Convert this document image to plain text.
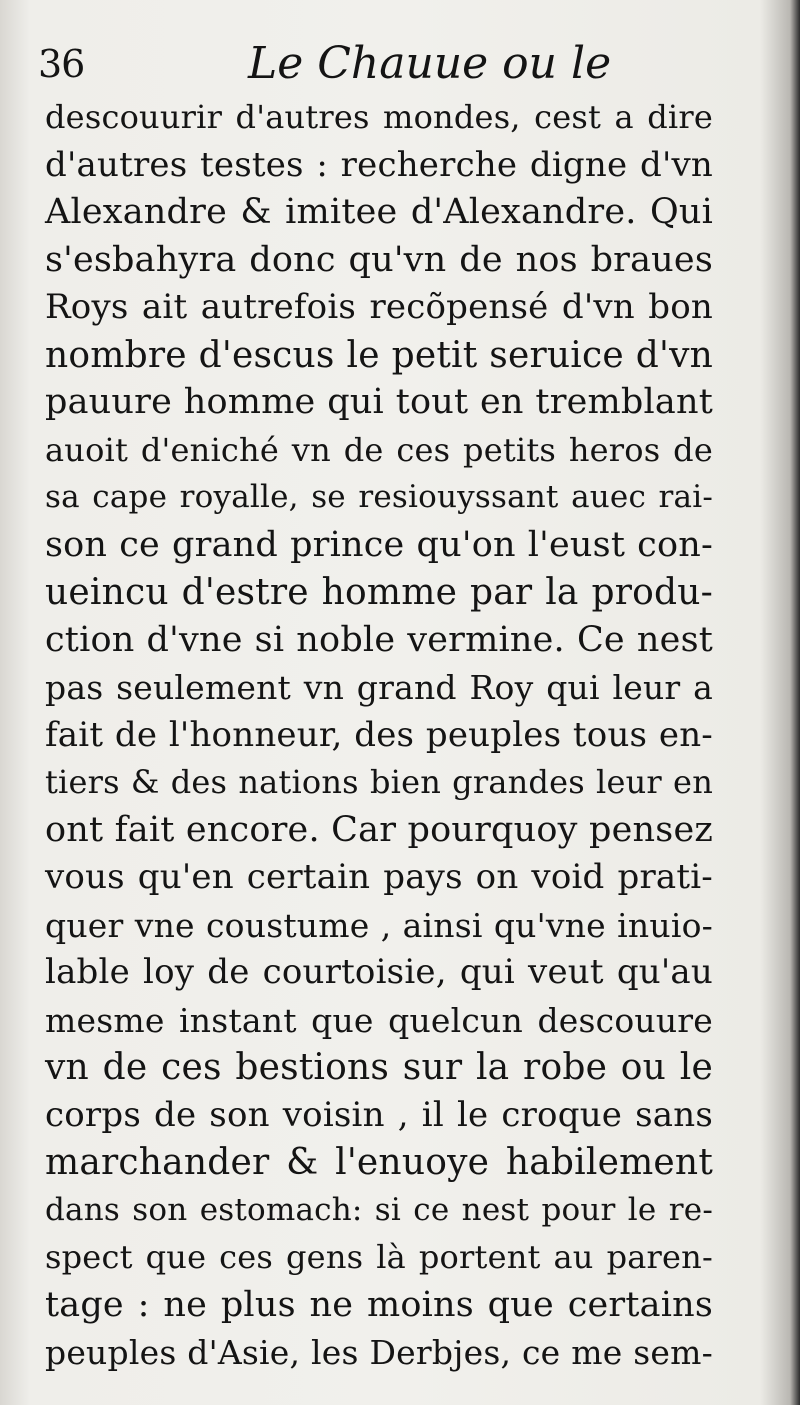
36	Le Chauue ou le
descouurir d'autres mondes, cest a dire
d'autres testes : recherche digne d'vn
Alexandre & imitee d'Alexandre. Qui
s'esbahyra donc qu'vn de nos braues
Roys ait autrefois recõpensé d'vn bon
nombre d'escus le petit seruice d'vn
pauure homme qui tout en tremblant
auoit d'eniché vn de ces petits heros de
sa cape royalle, se resiouyssant auec rai-
son ce grand prince qu'on l'eust con-
ueincu d'estre homme par la produ-
ction d'vne si noble vermine. Ce nest
pas seulement vn grand Roy qui leur a
fait de l'honneur, des peuples tous en-
tiers & des nations bien grandes leur en
ont fait encore. Car pourquoy pensez
vous qu'en certain pays on void prati-
quer vne coustume , ainsi qu'vne inuio-
lable loy de courtoisie, qui veut qu'au
mesme instant que quelcun descouure
vn de ces bestions sur la robe ou le
corps de son voisin , il le croque sans
marchander & l'enuoye habilement
dans son estomach: si ce nest pour le re-
spect que ces gens là portent au paren-
tage : ne plus ne moins que certains
peuples d'Asie, les Derbjes, ce me sem-
